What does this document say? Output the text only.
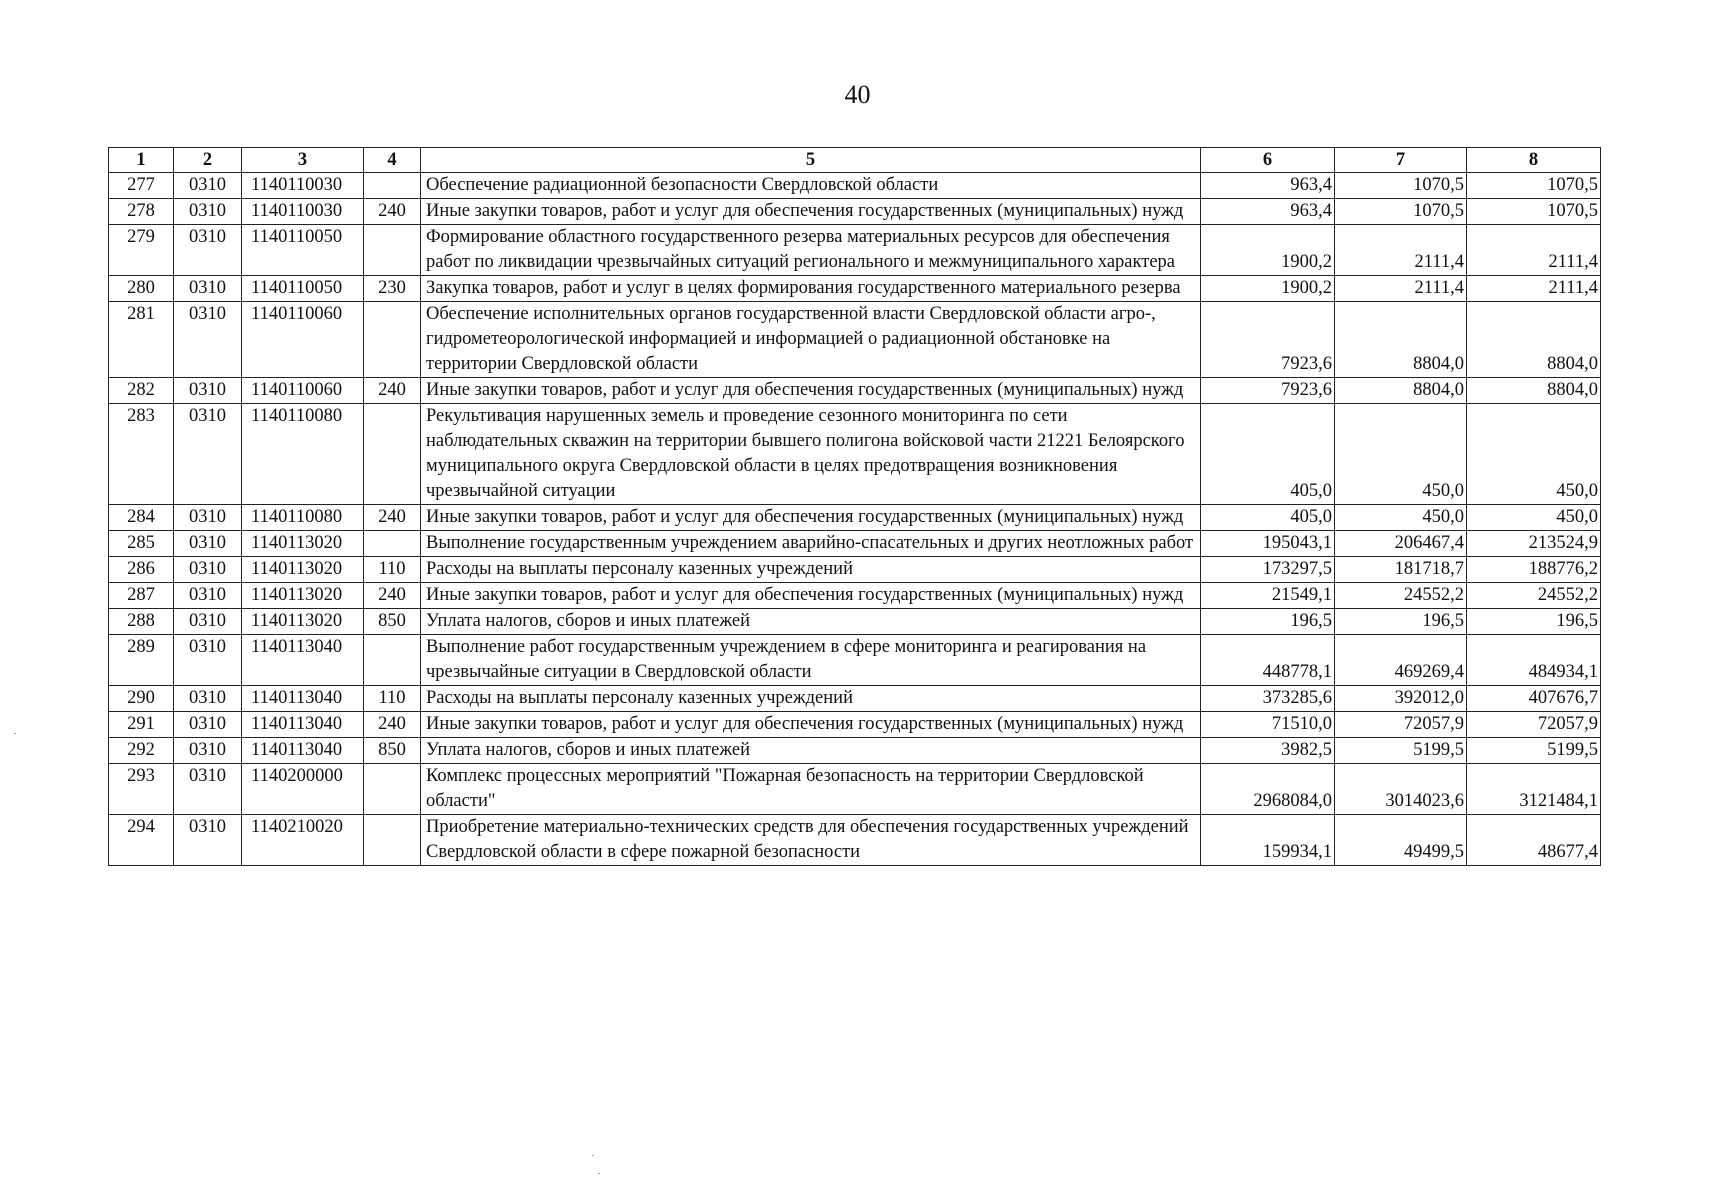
40
1	2	3	4	5	6	7	8
277	0310	1140110030		Обеспечение радиационной безопасности Свердловской области	963,4	1070,5	1070,5
278	0310	1140110030	240	Иные закупки товаров, работ и услуг для обеспечения государственных (муниципальных) нужд	963,4	1070,5	1070,5
279	0310	1140110050		Формирование областного государственного резерва материальных ресурсов для обеспечения работ по ликвидации чрезвычайных ситуаций регионального и межмуниципального характера	1900,2	2111,4	2111,4
280	0310	1140110050	230	Закупка товаров, работ и услуг в целях формирования государственного материального резерва	1900,2	2111,4	2111,4
281	0310	1140110060		Обеспечение исполнительных органов государственной власти Свердловской области агро-, гидрометеорологической информацией и информацией о радиационной обстановке на территории Свердловской области	7923,6	8804,0	8804,0
282	0310	1140110060	240	Иные закупки товаров, работ и услуг для обеспечения государственных (муниципальных) нужд	7923,6	8804,0	8804,0
283	0310	1140110080		Рекультивация нарушенных земель и проведение сезонного мониторинга по сети наблюдательных скважин на территории бывшего полигона войсковой части 21221 Белоярского муниципального округа Свердловской области в целях предотвращения возникновения чрезвычайной ситуации	405,0	450,0	450,0
284	0310	1140110080	240	Иные закупки товаров, работ и услуг для обеспечения государственных (муниципальных) нужд	405,0	450,0	450,0
285	0310	1140113020		Выполнение государственным учреждением аварийно-спасательных и других неотложных работ	195043,1	206467,4	213524,9
286	0310	1140113020	110	Расходы на выплаты персоналу казенных учреждений	173297,5	181718,7	188776,2
287	0310	1140113020	240	Иные закупки товаров, работ и услуг для обеспечения государственных (муниципальных) нужд	21549,1	24552,2	24552,2
288	0310	1140113020	850	Уплата налогов, сборов и иных платежей	196,5	196,5	196,5
289	0310	1140113040		Выполнение работ государственным учреждением в сфере мониторинга и реагирования на чрезвычайные ситуации в Свердловской области	448778,1	469269,4	484934,1
290	0310	1140113040	110	Расходы на выплаты персоналу казенных учреждений	373285,6	392012,0	407676,7
291	0310	1140113040	240	Иные закупки товаров, работ и услуг для обеспечения государственных (муниципальных) нужд	71510,0	72057,9	72057,9
292	0310	1140113040	850	Уплата налогов, сборов и иных платежей	3982,5	5199,5	5199,5
293	0310	1140200000		Комплекс процессных мероприятий "Пожарная безопасность на территории Свердловской области"	2968084,0	3014023,6	3121484,1
294	0310	1140210020		Приобретение материально-технических средств для обеспечения государственных учреждений Свердловской области в сфере пожарной безопасности	159934,1	49499,5	48677,4
